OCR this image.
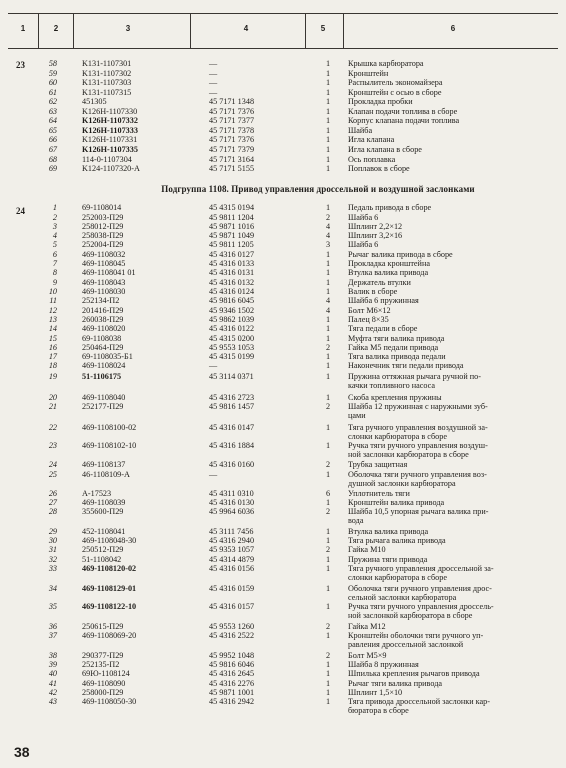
1	2	3	4	5	6
23	58	K131-1107301	—	1	Крышка карбюратора
59	K131-1107302	—	1	Кронштейн
60	K131-1107303	—	1	Распылитель экономайзера
61	K131-1107315	—	1	Кронштейн с осью в сборе
62	451305	45 7171 1348	1	Прокладка пробки
63	K126H-1107330	45 7171 7376	1	Клапан подачи топлива в сборе
64	K126H-1107332	45 7171 7377	1	Корпус клапана подачи топлива
65	K126H-1107333	45 7171 7378	1	Шайба
66	K126H-1107331	45 7171 7376	1	Игла клапана
67	K126H-1107335	45 7171 7379	1	Игла клапана в сборе
68	114-0-1107304	45 7171 3164	1	Ось поплавка
69	K124-1107320-A	45 7171 5155	1	Поплавок в сборе
Подгруппа 1108. Привод управления дроссельной и воздушной заслонками
24	1	69-1108014	45 4315 0194	1	Педаль привода в сборе
2	252003-П29	45 9811 1204	2	Шайба 6
3	258012-П29	45 9871 1016	4	Шплинт 2,2×12
4	258038-П29	45 9871 1049	4	Шплинт 3,2×16
5	252004-П29	45 9811 1205	3	Шайба 6
6	469-1108032	45 4316 0127	1	Рычаг валика привода в сборе
7	469-1108045	45 4316 0133	1	Прокладка кронштейна
8	469-1108041 01	45 4316 0131	1	Втулка валика привода
9	469-1108043	45 4316 0132	1	Держатель втулки
10	469-1108030	45 4316 0124	1	Валик в сборе
11	252134-П2	45 9816 6045	4	Шайба 6 пружинная
12	201416-П29	45 9346 1502	4	Болт М6×12
13	260038-П29	45 9862 1039	1	Палец 8×35
14	469-1108020	45 4316 0122	1	Тяга педали в сборе
15	69-1108038	45 4315 0200	1	Муфта тяги валика привода
16	250464-П29	45 9553 1053	2	Гайка М5 педали привода
17	69-1108035-Б1	45 4315 0199	1	Тяга валика привода педали
18	469-1108024	—	1	Наконечник тяги педали привода
19	51-1106175	45 3114 0371	1	Пружина оттяжная рычага ручной по-
качки топливного насоса
20	469-1108040	45 4316 2723	1	Скоба крепления пружины
21	252177-П29	45 9816 1457	2	Шайба 12 пружинная с наружными зуб-
цами
22	469-1108100-02	45 4316 0147	1	Тяга ручного управления воздушной за-
слонки карбюратора в сборе
23	469-1108102-10	45 4316 1884	1	Ручка тяги ручного управления воздуш-
ной заслонки карбюратора в сборе
24	469-1108137	45 4316 0160	2	Трубка защитная
25	46-1108109-А	—	1	Оболочка тяги ручного управления воз-
душной заслонки карбюратора
26	А-17523	45 4311 0310	6	Уплотнитель тяги
27	469-1108039	45 4316 0130	1	Кронштейн валика привода
28	355600-П29	45 9964 6036	2	Шайба 10,5 упорная рычага валика при-
вода
29	452-1108041	45 3111 7456	1	Втулка валика привода
30	469-1108048-30	45 4316 2940	1	Тяга рычага валика привода
31	250512-П29	45 9353 1057	2	Гайка М10
32	51-1108042	45 4314 4879	1	Пружина тяги привода
33	469-1108120-02	45 4316 0156	1	Тяга ручного управления дроссельной за-
слонки карбюратора в сборе
34	469-1108129-01	45 4316 0159	1	Оболочка тяги ручного управления дрос-
сельной заслонки карбюратора
35	469-1108122-10	45 4316 0157	1	Ручка тяги ручного управления дроссель-
ной заслонкой карбюратора в сборе
36	250615-П29	45 9553 1260	2	Гайка М12
37	469-1108069-20	45 4316 2522	1	Кронштейн оболочки тяги ручного уп-
равления дроссельной заслонкой
38	290377-П29	45 9952 1048	2	Болт М5×9
39	252135-П2	45 9816 6046	1	Шайба 8 пружинная
40	69Ю-1108124	45 4316 2645	1	Шпилька крепления рычагов привода
41	469-1108090	45 4316 2276	1	Рычаг тяги валика привода
42	258000-П29	45 9871 1001	1	Шплинт 1,5×10
43	469-1108050-30	45 4316 2942	1	Тяга привода дроссельной заслонки кар-
бюратора в сборе
38
